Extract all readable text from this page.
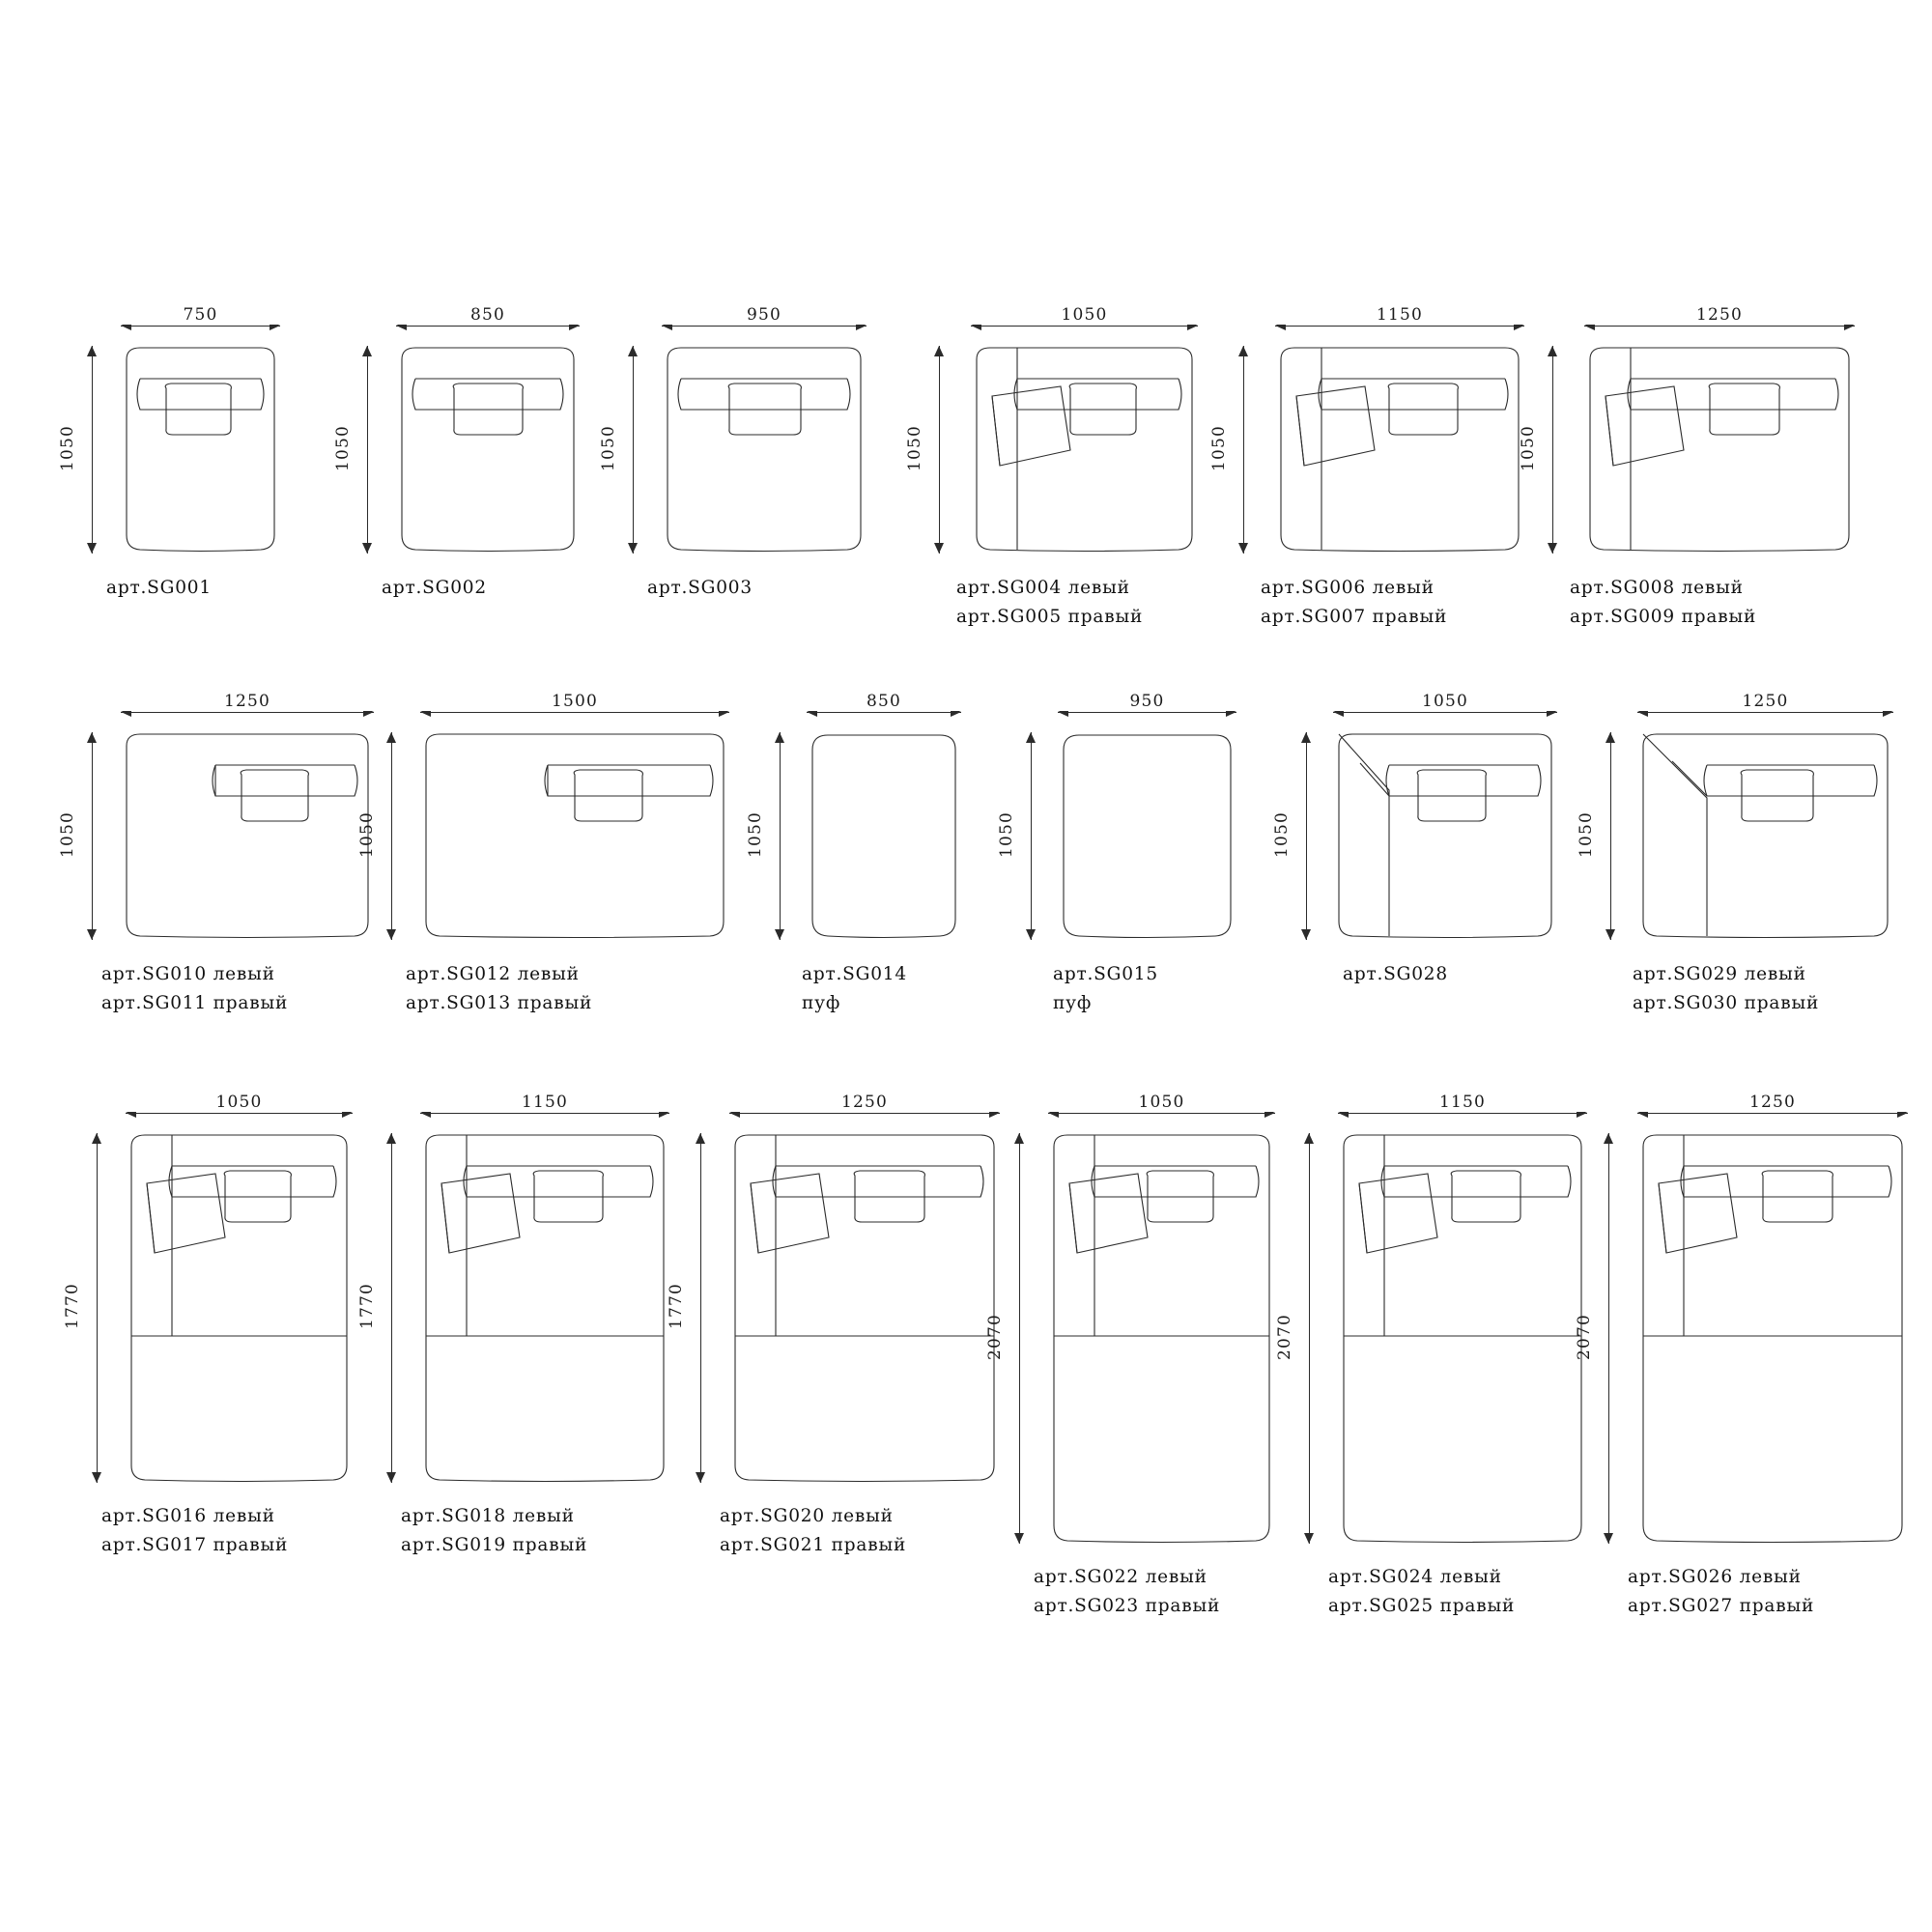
750
1050
арт.SG001
850
1050
арт.SG002
950
1050
арт.SG003
1050
1050
арт.SG004 левый
арт.SG005 правый
1150
1050
арт.SG006 левый
арт.SG007 правый
1250
1050
арт.SG008 левый
арт.SG009 правый
1250
1050
арт.SG010 левый
арт.SG011 правый
1500
1050
арт.SG012 левый
арт.SG013 правый
850
1050
арт.SG014
пуф
950
1050
арт.SG015
пуф
1050
1050
арт.SG028
1250
1050
арт.SG029 левый
арт.SG030 правый
1050
1770
арт.SG016 левый
арт.SG017 правый
1150
1770
арт.SG018 левый
арт.SG019 правый
1250
1770
арт.SG020 левый
арт.SG021 правый
1050
2070
арт.SG022 левый
арт.SG023 правый
1150
2070
арт.SG024 левый
арт.SG025 правый
1250
2070
арт.SG026 левый
арт.SG027 правый
